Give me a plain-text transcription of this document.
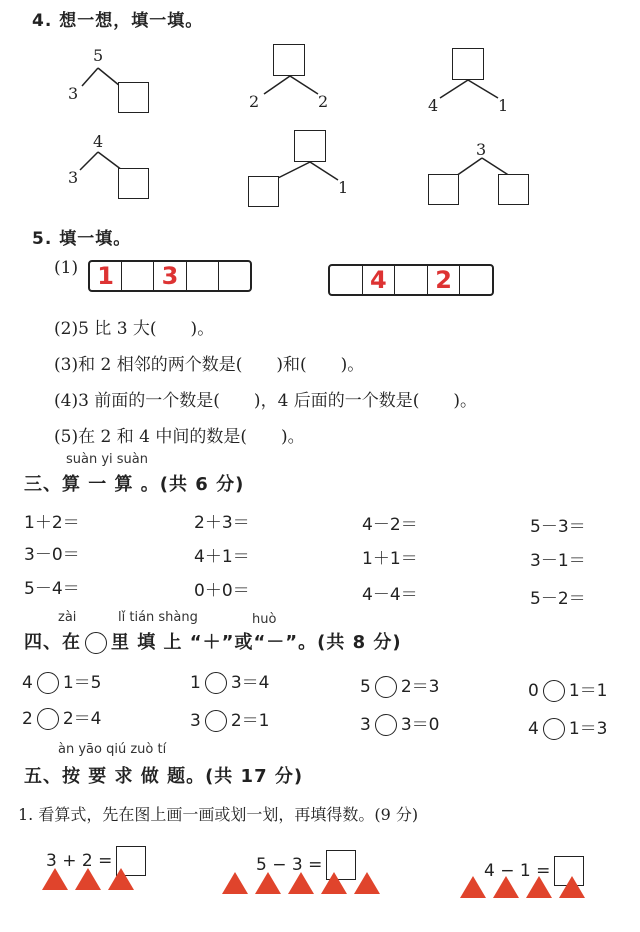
4. 想一想，填一填。
5
3	2	2	4	1
4
3
1
3
5. 填一填。
(1) 1	3	4	2
(2)5 比 3 大(　　)。
(3)和 2 相邻的两个数是(　　)和(　　)。
(4)3 前面的一个数是(　　)，4 后面的一个数是(　　)。
(5)在 2 和 4 中间的数是(　　)。
suàn yi suàn
三、算 一 算 。(共 6 分)
1＋2＝	2＋3＝	4－2＝	5－3＝
3－0＝	4＋1＝	1＋1＝	3－1＝
5－4＝	0＋0＝	4－4＝	5－2＝
zài	lǐ tián shàng	huò
四、在 里 填 上 “＋”或“－”。(共 8 分)
4 1＝5	1 3＝4	5 2＝3	0 1＝1
2 2＝4	3 2＝1	3 3＝0	4 1＝3
àn yāo qiú zuò tí
五、按 要 求 做 题。(共 17 分)
1. 看算式，先在图上画一画或划一划，再填得数。(9 分)
3 + 2 =	5 − 3 =	4 − 1 =
